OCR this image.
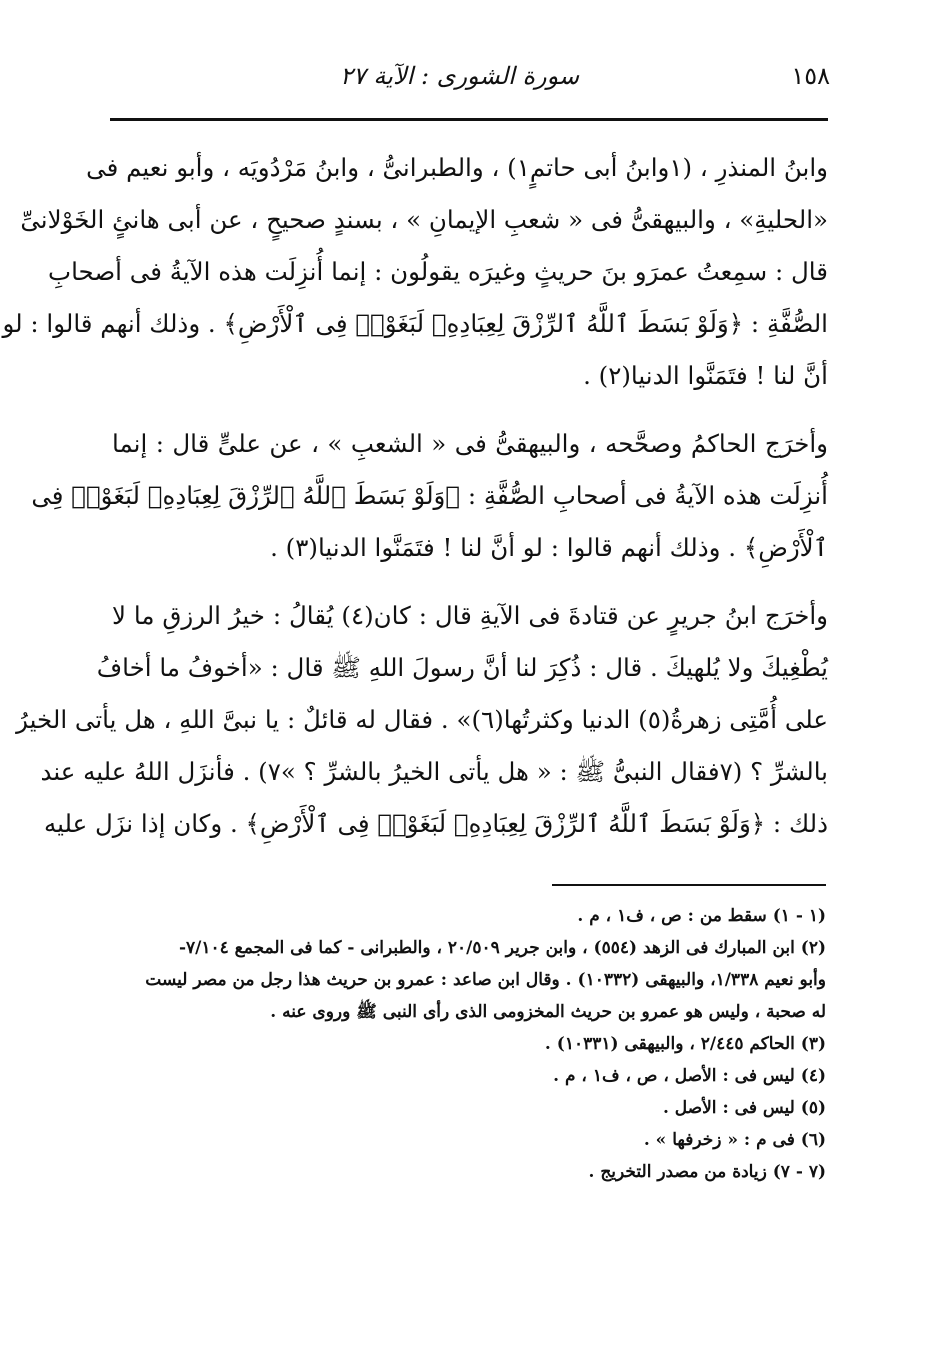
١٥٨
سورة الشورى : الآية ٢٧

وابنُ المنذرِ ، (١وابنُ أبى حاتمٍ١) ، والطبرانىُّ ، وابنُ مَرْدُويَه ، وأبو نعيم فى
«الحليةِ» ، والبيهقىُّ فى « شعبِ الإيمانِ » ، بسندٍ صحيحٍ ، عن أبى هانئٍ الخَوْلانىِّ
قال : سمِعتُ عمرَو بنَ حريثٍ وغيرَه يقولُون : إنما أُنزِلَت هذه الآيةُ فى أصحابِ
الصُّفَّةِ : ﴿وَلَوْ بَسَطَ ٱللَّهُ ٱلرِّزْقَ لِعِبَادِهِۦ لَبَغَوْا۟ فِى ٱلْأَرْضِ﴾ . وذلك أنهم قالوا : لو
أنَّ لنا ! فتَمَنَّوا الدنيا(٢) .

وأخرَج الحاكمُ وصحَّحه ، والبيهقىُّ فى « الشعبِ » ، عن علىٍّ قال : إنما
أُنزِلَت هذه الآيةُ فى أصحابِ الصُّفَّةِ : ﴿وَلَوْ بَسَطَ ٱللَّهُ ٱلرِّزْقَ لِعِبَادِهِۦ لَبَغَوْا۟ فِى
ٱلْأَرْضِ﴾ . وذلك أنهم قالوا : لو أنَّ لنا ! فتَمَنَّوا الدنيا(٣) .

وأخرَج ابنُ جريرٍ عن قتادةَ فى الآيةِ قال : كان(٤) يُقالُ : خيرُ الرزقِ ما لا
يُطْغِيكَ ولا يُلهيكَ . قال : ذُكِرَ لنا أنَّ رسولَ اللهِ ﷺ قال : «أخوفُ ما أخافُ
على أُمَّتِى زهرةُ(٥) الدنيا وكثرتُها(٦)» . فقال له قائلٌ : يا نبىَّ اللهِ ، هل يأتى الخيرُ
بالشرِّ ؟ (٧فقال النبىُّ ﷺ : « هل يأتى الخيرُ بالشرِّ ؟ »٧) . فأنزَل اللهُ عليه عند
ذلك : ﴿وَلَوْ بَسَطَ ٱللَّهُ ٱلرِّزْقَ لِعِبَادِهِۦ لَبَغَوْا۟ فِى ٱلْأَرْضِ﴾ . وكان إذا نزَل عليه

(١ - ١) سقط من : ص ، ف١ ، م .
(٢) ابن المبارك فى الزهد (٥٥٤) ، وابن جرير ٢٠/٥٠٩ ، والطبرانى - كما فى المجمع ٧/١٠٤-
وأبو نعيم ١/٣٣٨، والبيهقى (١٠٣٣٢) . وقال ابن صاعد : عمرو بن حريث هذا رجل من مصر ليست
له صحبة ، وليس هو عمرو بن حريث المخزومى الذى رأى النبى ﷺ وروى عنه .
(٣) الحاكم ٢/٤٤٥ ، والبيهقى (١٠٣٣١) .
(٤) ليس فى : الأصل ، ص ، ف١ ، م .
(٥) ليس فى : الأصل .
(٦) فى م : « زخرفها » .
(٧ - ٧) زيادة من مصدر التخريج .
